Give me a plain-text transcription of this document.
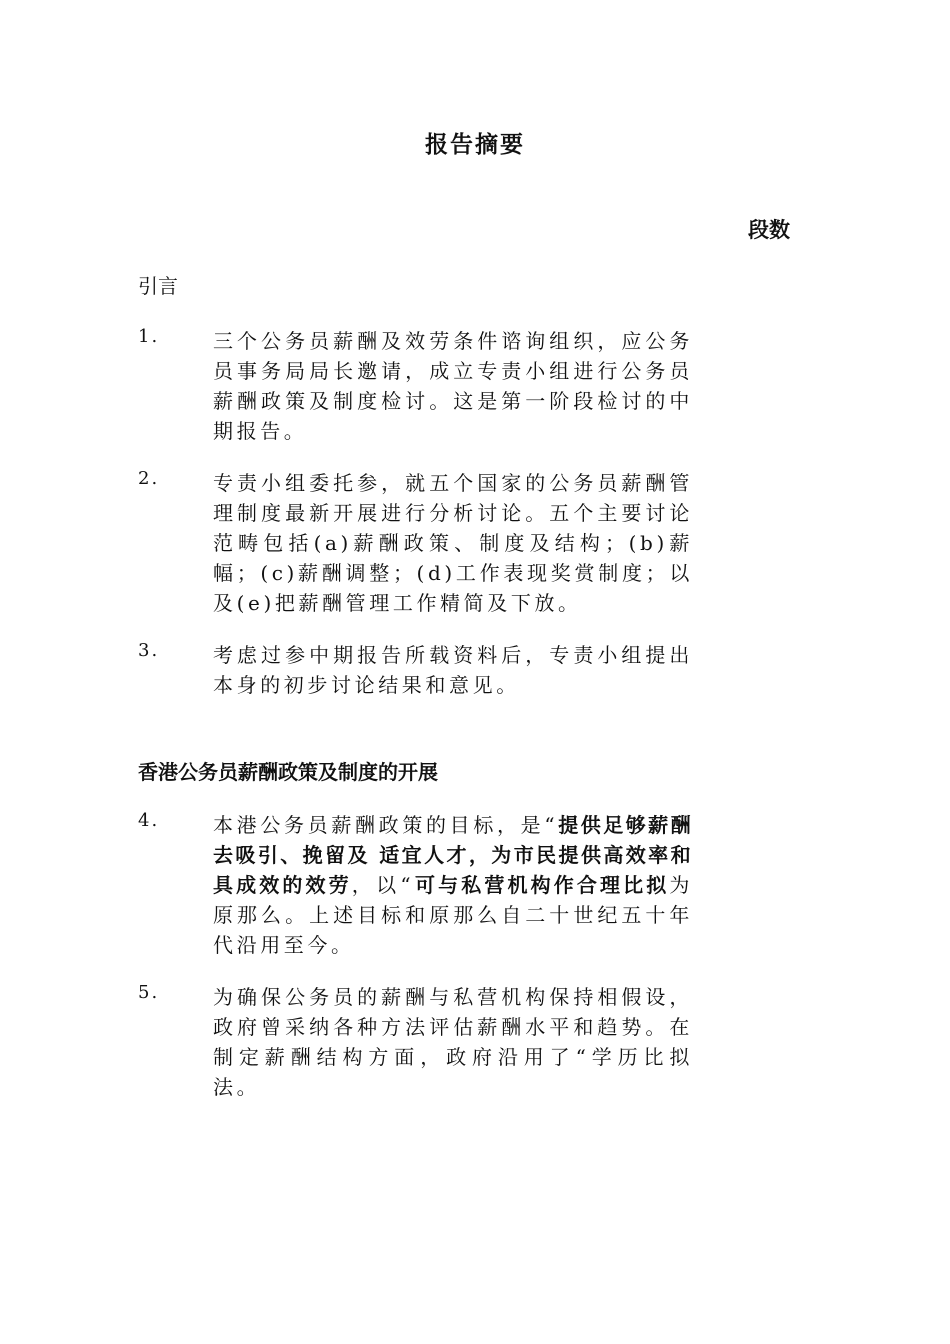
报告摘要
段数
引言
1.	三个公务员薪酬及效劳条件谘询组织，应公务员事务局局长邀请，成立专责小组进行公务员薪酬政策及制度检讨。这是第一阶段检讨的中期报告。
2.	专责小组委托参，就五个国家的公务员薪酬管理制度最新开展进行分析讨论。五个主要讨论范畴包括(a)薪酬政策、制度及结构；(b)薪幅；(c)薪酬调整；(d)工作表现奖赏制度；以及(e)把薪酬管理工作精简及下放。
3.	考虑过参中期报告所载资料后，专责小组提出本身的初步讨论结果和意见。
香港公务员薪酬政策及制度的开展
4.	本港公务员薪酬政策的目标，是“提供足够薪酬去吸引、挽留及 适宜人才，为市民提供高效率和具成效的效劳，以“可与私营机构作合理比拟为原那么。上述目标和原那么自二十世纪五十年代沿用至今。
5.	为确保公务员的薪酬与私营机构保持相假设，政府曾采纳各种方法评估薪酬水平和趋势。在制定薪酬结构方面，政府沿用了“学历比拟法。
